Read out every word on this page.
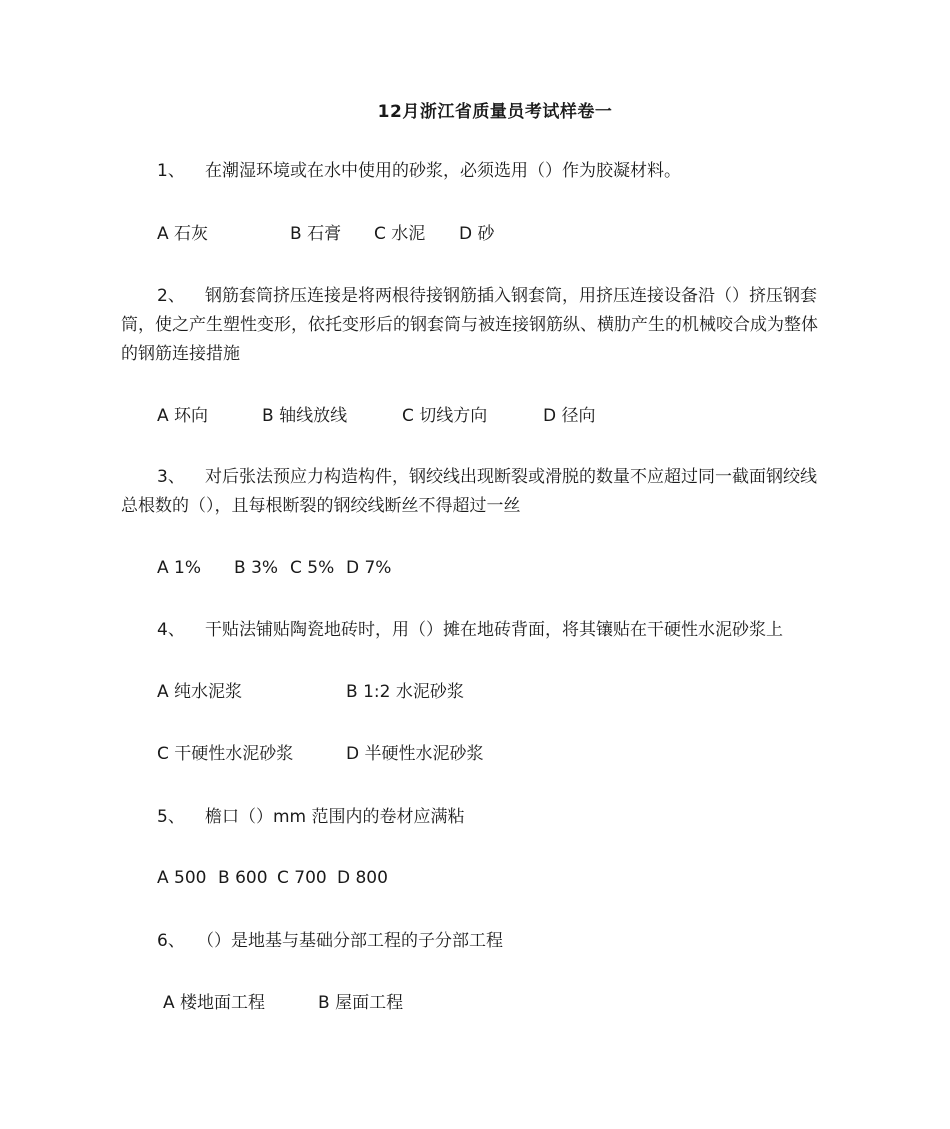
12月浙江省质量员考试样卷一
1、 在潮湿环境或在水中使用的砂浆，必须选用（）作为胶凝材料。
A 石灰	B 石膏 C 水泥 D 砂
2、 钢筋套筒挤压连接是将两根待接钢筋插入钢套筒，用挤压连接设备沿（）挤压钢套筒，使之产生塑性变形，依托变形后的钢套筒与被连接钢筋纵、横肋产生的机械咬合成为整体的钢筋连接措施
A 环向	B 轴线放线	C 切线方向	D 径向
3、 对后张法预应力构造构件，钢绞线出现断裂或滑脱的数量不应超过同一截面钢绞线总根数的（），且每根断裂的钢绞线断丝不得超过一丝
A 1% B 3% C 5% D 7%
4、 干贴法铺贴陶瓷地砖时，用（）摊在地砖背面，将其镶贴在干硬性水泥砂浆上
A 纯水泥浆	B 1:2 水泥砂浆
C 干硬性水泥砂浆	D 半硬性水泥砂浆
5、 檐口（）mm 范围内的卷材应满粘
A 500 B 600 C 700 D 800
6、 （）是地基与基础分部工程的子分部工程
A 楼地面工程	B 屋面工程
